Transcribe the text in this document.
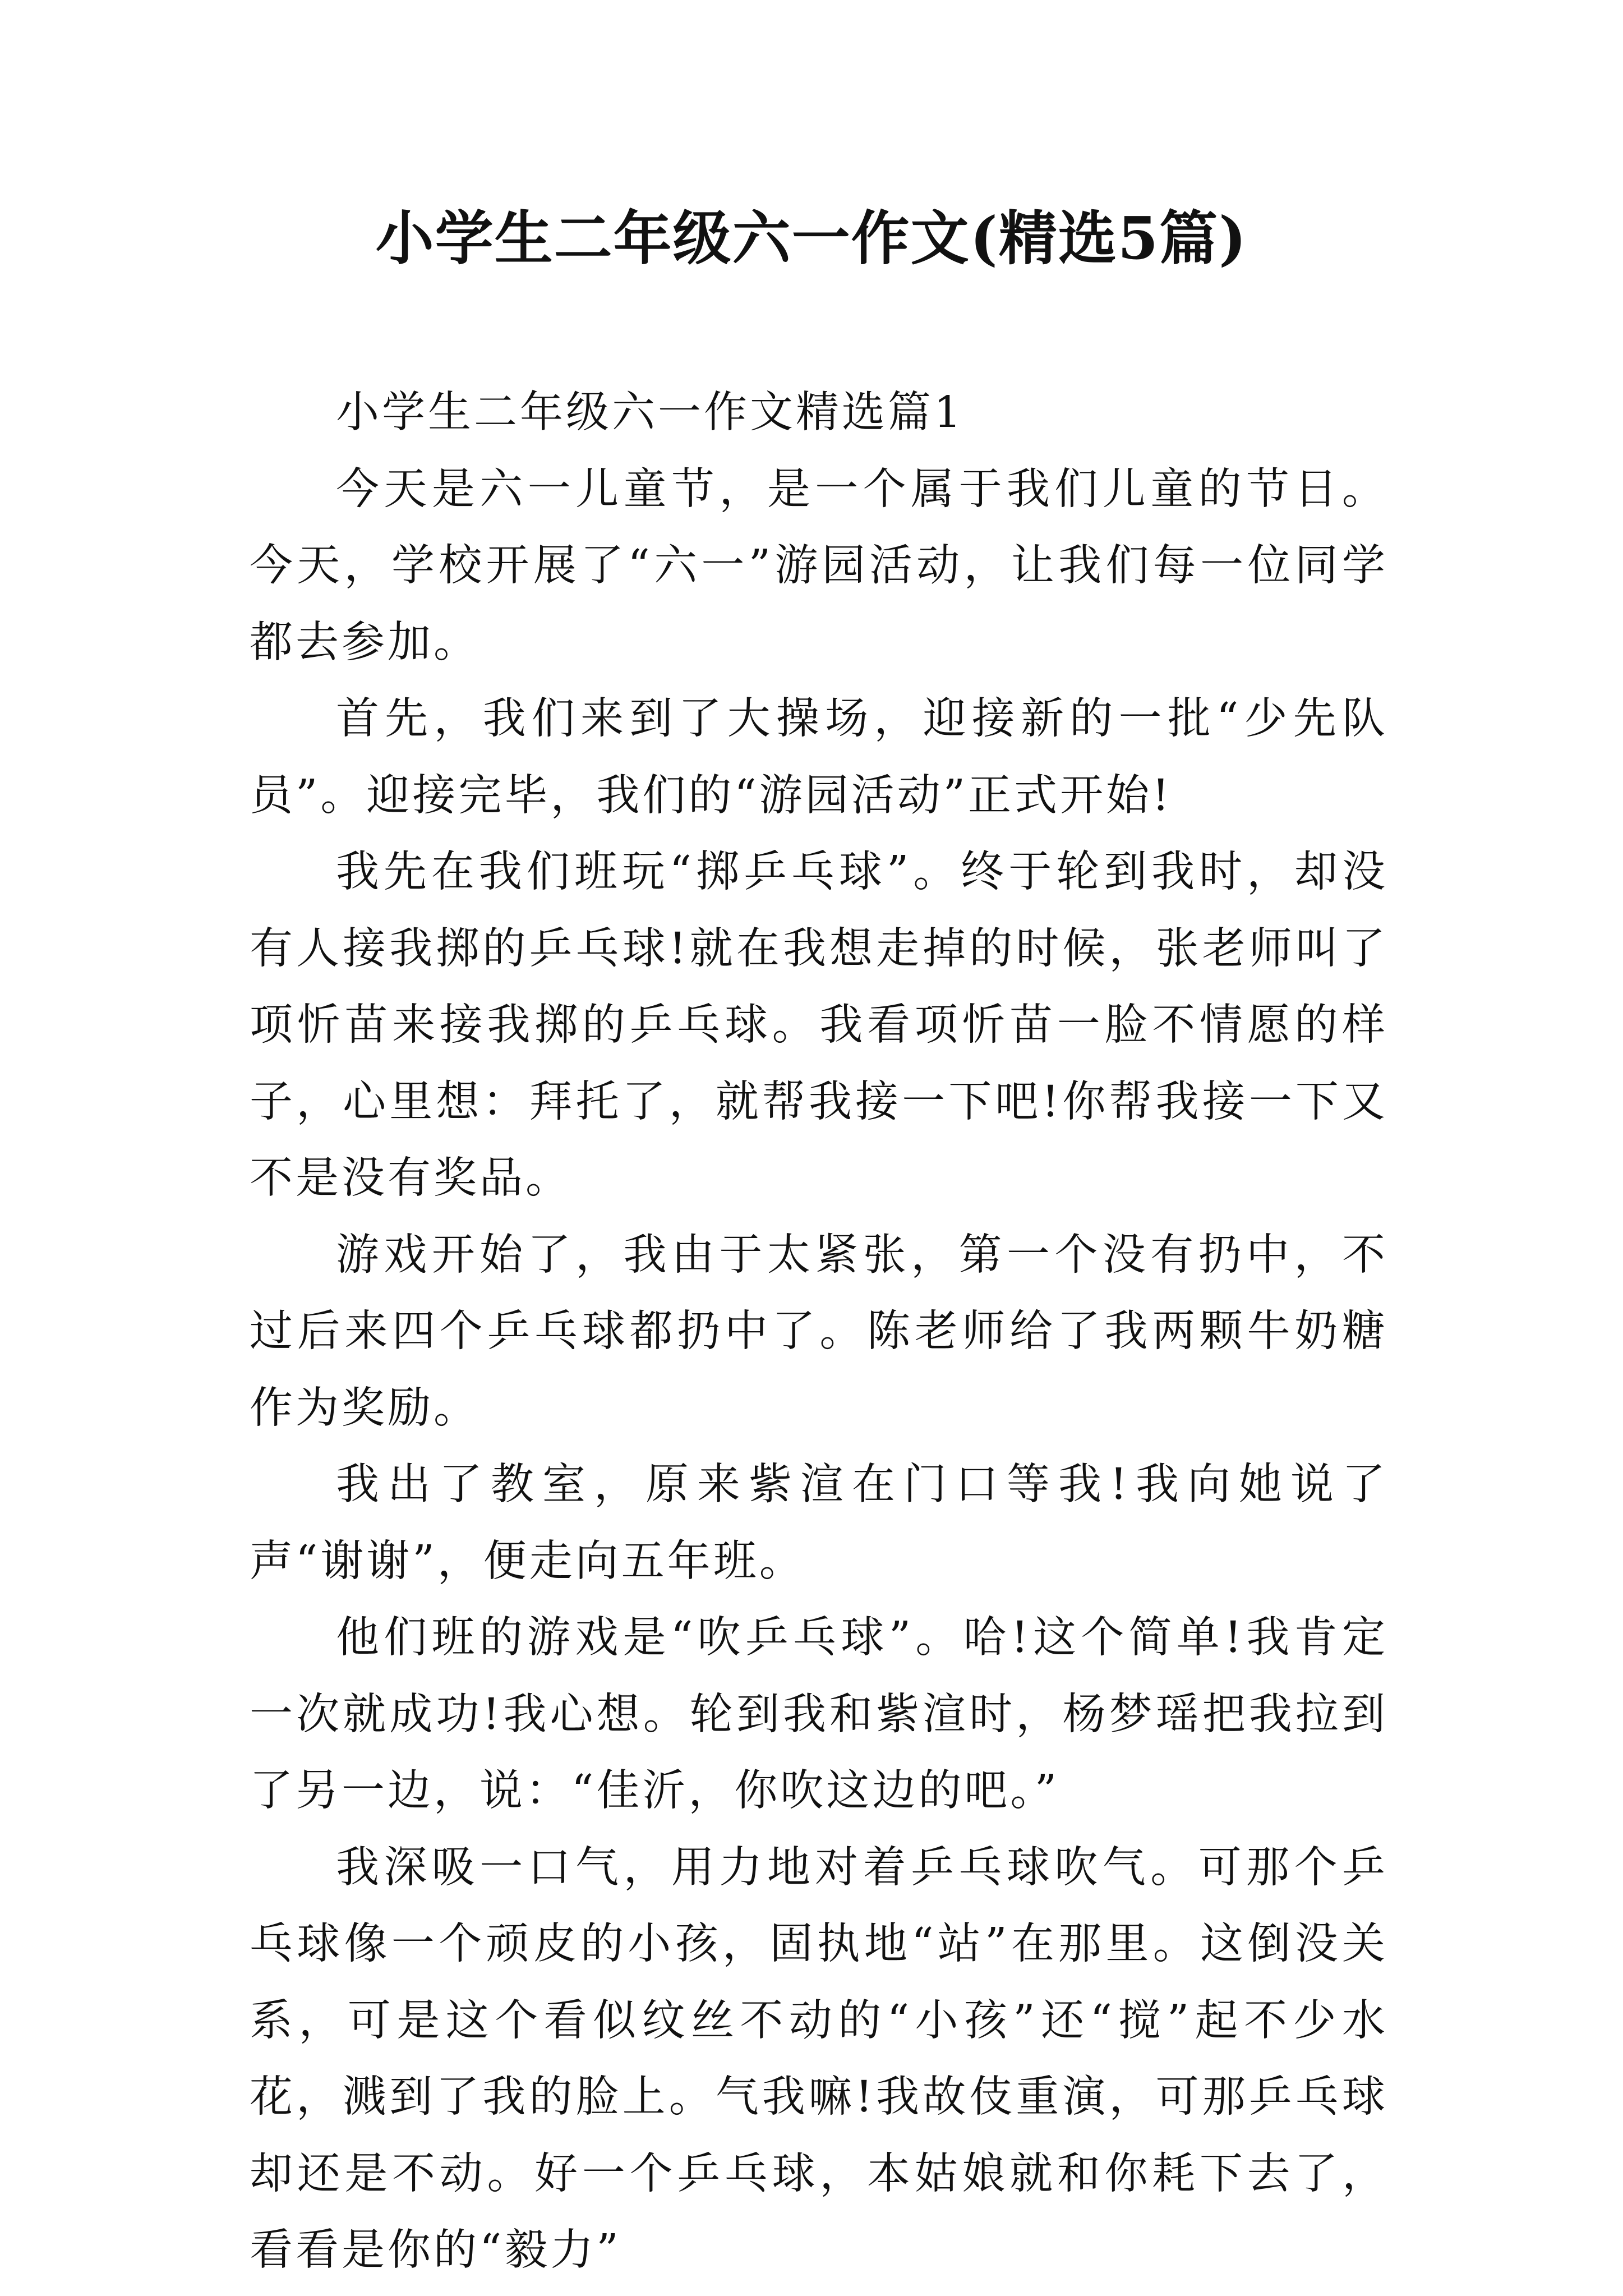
小学生二年级六一作文(精选5篇)

小学生二年级六一作文精选篇1

今天是六一儿童节，是一个属于我们儿童的节日。今天，学校开展了“六一”游园活动，让我们每一位同学都去参加。

首先，我们来到了大操场，迎接新的一批“少先队员”。迎接完毕，我们的“游园活动”正式开始!

我先在我们班玩“掷乒乓球”。终于轮到我时，却没有人接我掷的乒乓球!就在我想走掉的时候，张老师叫了项忻苗来接我掷的乒乓球。我看项忻苗一脸不情愿的样子，心里想：拜托了，就帮我接一下吧!你帮我接一下又不是没有奖品。

游戏开始了，我由于太紧张，第一个没有扔中，不过后来四个乒乓球都扔中了。陈老师给了我两颗牛奶糖作为奖励。

我出了教室，原来紫渲在门口等我!我向她说了声“谢谢”，便走向五年班。

他们班的游戏是“吹乒乓球”。哈!这个简单!我肯定一次就成功!我心想。轮到我和紫渲时，杨梦瑶把我拉到了另一边，说：“佳沂，你吹这边的吧。”

我深吸一口气，用力地对着乒乓球吹气。可那个乒乓球像一个顽皮的小孩，固执地“站”在那里。这倒没关系，可是这个看似纹丝不动的“小孩”还“搅”起不少水花，溅到了我的脸上。气我嘛!我故伎重演，可那乒乓球却还是不动。好一个乒乓球，本姑娘就和你耗下去了，看看是你的“毅力”
